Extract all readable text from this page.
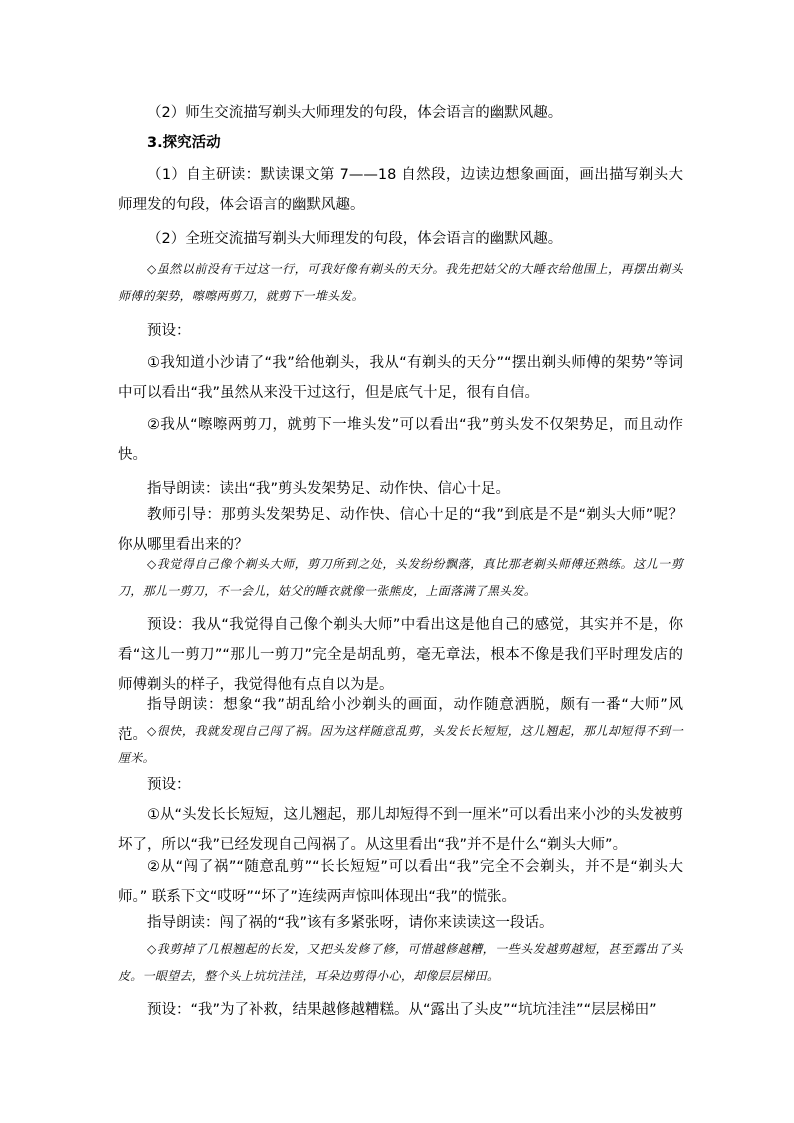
（2）师生交流描写剃头大师理发的句段，体会语言的幽默风趣。

3.探究活动

（1）自主研读：默读课文第 7——18 自然段，边读边想象画面，画出描写剃头大师理发的句段，体会语言的幽默风趣。

（2）全班交流描写剃头大师理发的句段，体会语言的幽默风趣。

◇虽然以前没有干过这一行，可我好像有剃头的天分。我先把姑父的大睡衣给他围上，再摆出剃头师傅的架势，嚓嚓两剪刀，就剪下一堆头发。

预设：

①我知道小沙请了“我”给他剃头，我从“有剃头的天分”“摆出剃头师傅的架势”等词中可以看出“我”虽然从来没干过这行，但是底气十足，很有自信。

②我从“嚓嚓两剪刀，就剪下一堆头发”可以看出“我”剪头发不仅架势足，而且动作快。

指导朗读：读出“我”剪头发架势足、动作快、信心十足。

教师引导：那剪头发架势足、动作快、信心十足的“我”到底是不是“剃头大师”呢？你从哪里看出来的？

◇我觉得自己像个剃头大师，剪刀所到之处，头发纷纷飘落，真比那老剃头师傅还熟练。这儿一剪刀，那儿一剪刀，不一会儿，姑父的睡衣就像一张熊皮，上面落满了黑头发。

预设：我从“我觉得自己像个剃头大师”中看出这是他自己的感觉，其实并不是，你看“这儿一剪刀”“那儿一剪刀”完全是胡乱剪，毫无章法，根本不像是我们平时理发店的师傅剃头的样子，我觉得他有点自以为是。

指导朗读：想象“我”胡乱给小沙剃头的画面，动作随意洒脱，颇有一番“大师”风范。 ◇很快，我就发现自己闯了祸。因为这样随意乱剪，头发长长短短，这儿翘起，那儿却短得不到一厘米。

预设：

①从“头发长长短短，这儿翘起，那儿却短得不到一厘米”可以看出来小沙的头发被剪坏了，所以“我”已经发现自己闯祸了。从这里看出“我”并不是什么“剃头大师”。

②从“闯了祸”“随意乱剪”“长长短短”可以看出“我”完全不会剃头，并不是“剃头大师。” 联系下文“哎呀”“坏了”连续两声惊叫体现出“我”的慌张。

指导朗读：闯了祸的“我”该有多紧张呀，请你来读读这一段话。

◇我剪掉了几根翘起的长发，又把头发修了修，可惜越修越糟，一些头发越剪越短，甚至露出了头皮。一眼望去，整个头上坑坑洼洼，耳朵边剪得小心，却像层层梯田。

预设：“我”为了补救，结果越修越糟糕。从“露出了头皮”“坑坑洼洼”“层层梯田”
